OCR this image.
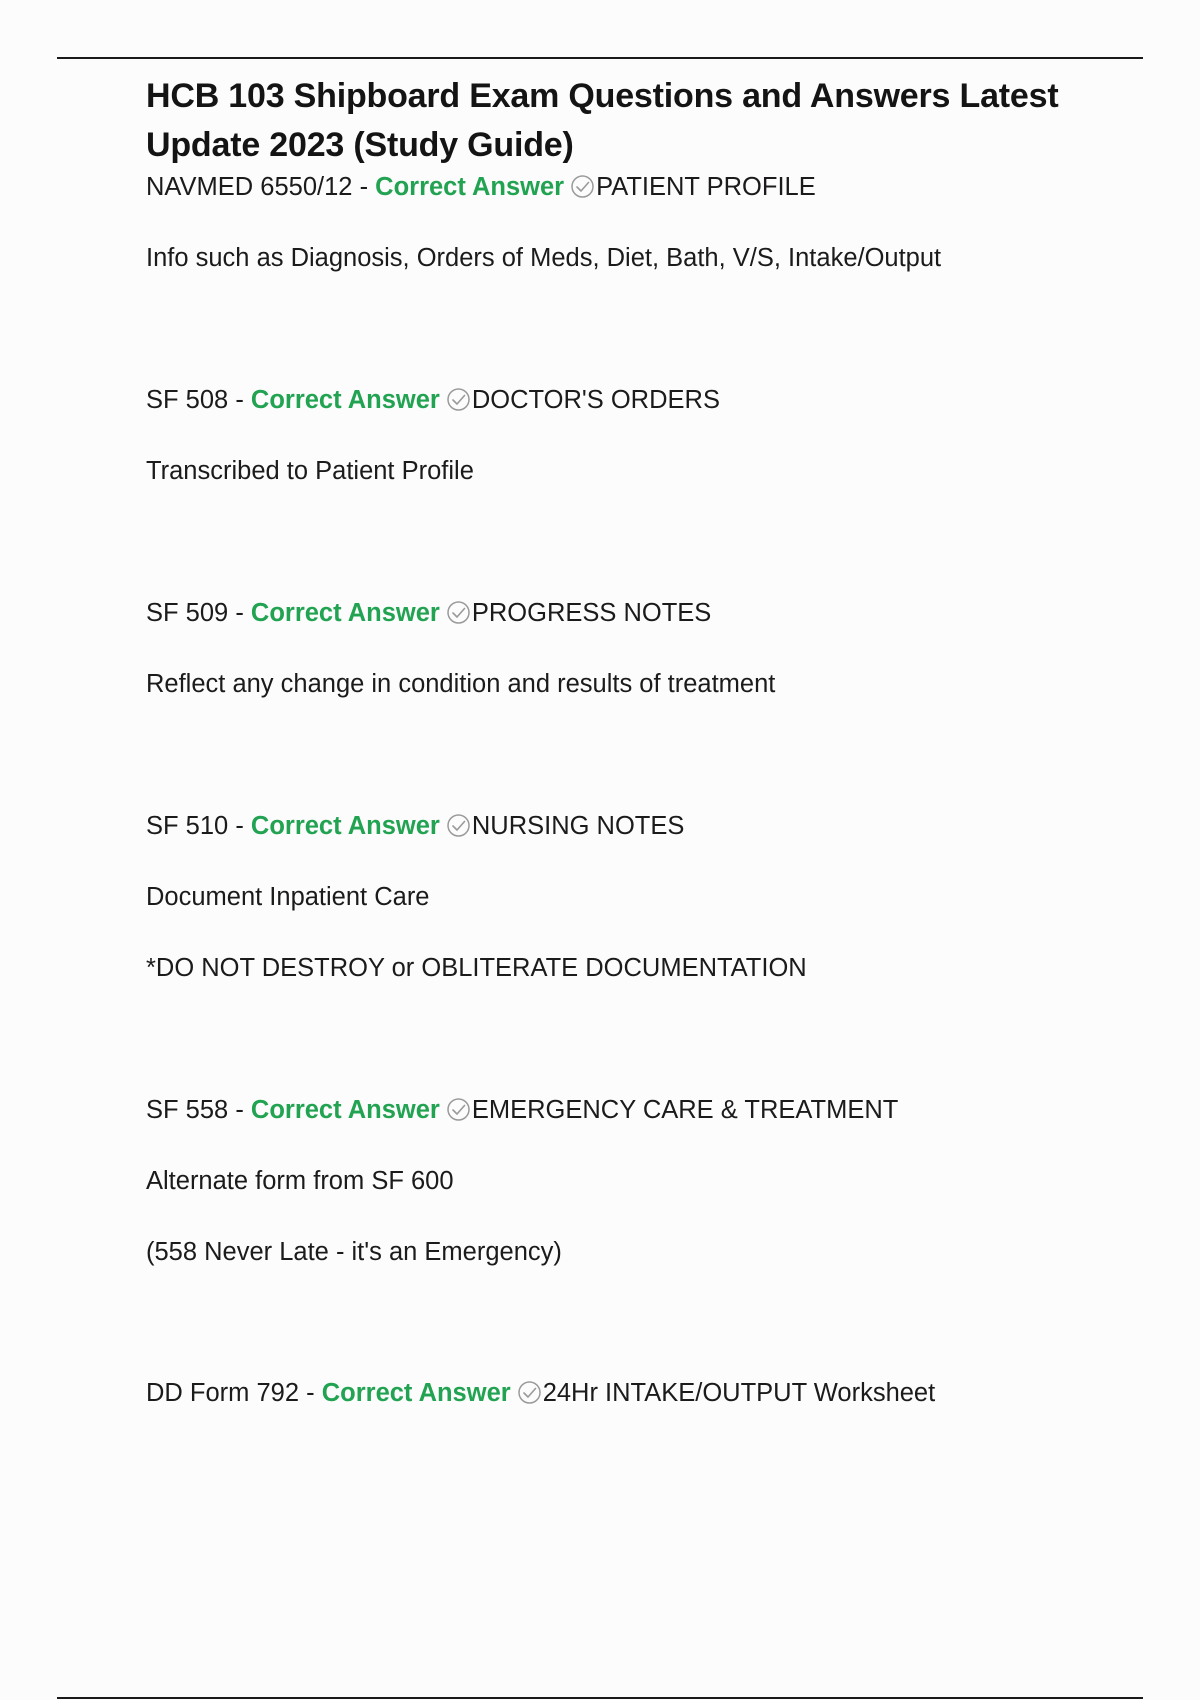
HCB 103 Shipboard Exam Questions and Answers Latest Update 2023 (Study Guide)
NAVMED 6550/12 - Correct Answer PATIENT PROFILE
Info such as Diagnosis, Orders of Meds, Diet, Bath, V/S, Intake/Output
SF 508 - Correct Answer DOCTOR'S ORDERS
Transcribed to Patient Profile
SF 509 - Correct Answer PROGRESS NOTES
Reflect any change in condition and results of treatment
SF 510 - Correct Answer NURSING NOTES
Document Inpatient Care
*DO NOT DESTROY or OBLITERATE DOCUMENTATION
SF 558 - Correct Answer EMERGENCY CARE & TREATMENT
Alternate form from SF 600
(558 Never Late - it's an Emergency)
DD Form 792 - Correct Answer 24Hr INTAKE/OUTPUT Worksheet
